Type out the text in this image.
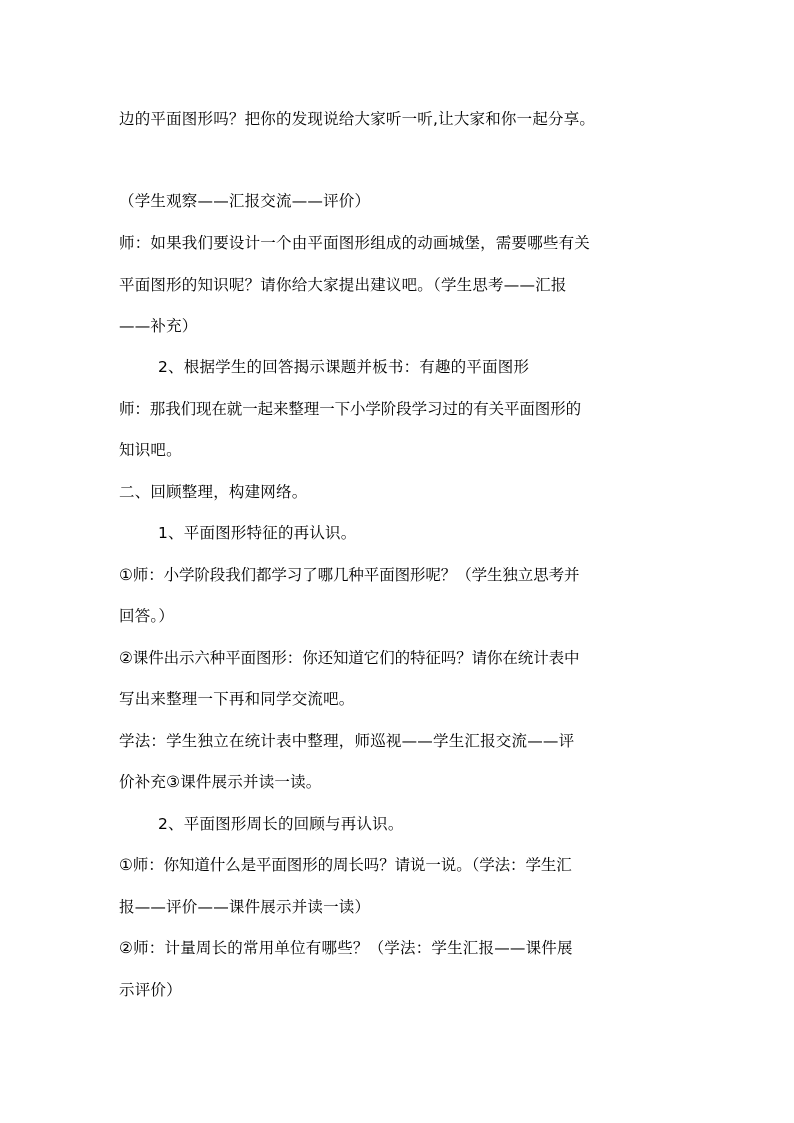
边的平面图形吗？把你的发现说给大家听一听,让大家和你一起分享。
（学生观察——汇报交流——评价）
师：如果我们要设计一个由平面图形组成的动画城堡，需要哪些有关
平面图形的知识呢？请你给大家提出建议吧。（学生思考——汇报
——补充）
2、根据学生的回答揭示课题并板书：有趣的平面图形
师：那我们现在就一起来整理一下小学阶段学习过的有关平面图形的
知识吧。
二、回顾整理，构建网络。
1、平面图形特征的再认识。
①师：小学阶段我们都学习了哪几种平面图形呢？（学生独立思考并
回答。）
②课件出示六种平面图形：你还知道它们的特征吗？请你在统计表中
写出来整理一下再和同学交流吧。
学法：学生独立在统计表中整理，师巡视——学生汇报交流——评
价补充③课件展示并读一读。
2、平面图形周长的回顾与再认识。
①师：你知道什么是平面图形的周长吗？请说一说。（学法：学生汇
报——评价——课件展示并读一读）
②师：计量周长的常用单位有哪些？（学法：学生汇报——课件展
示评价）
